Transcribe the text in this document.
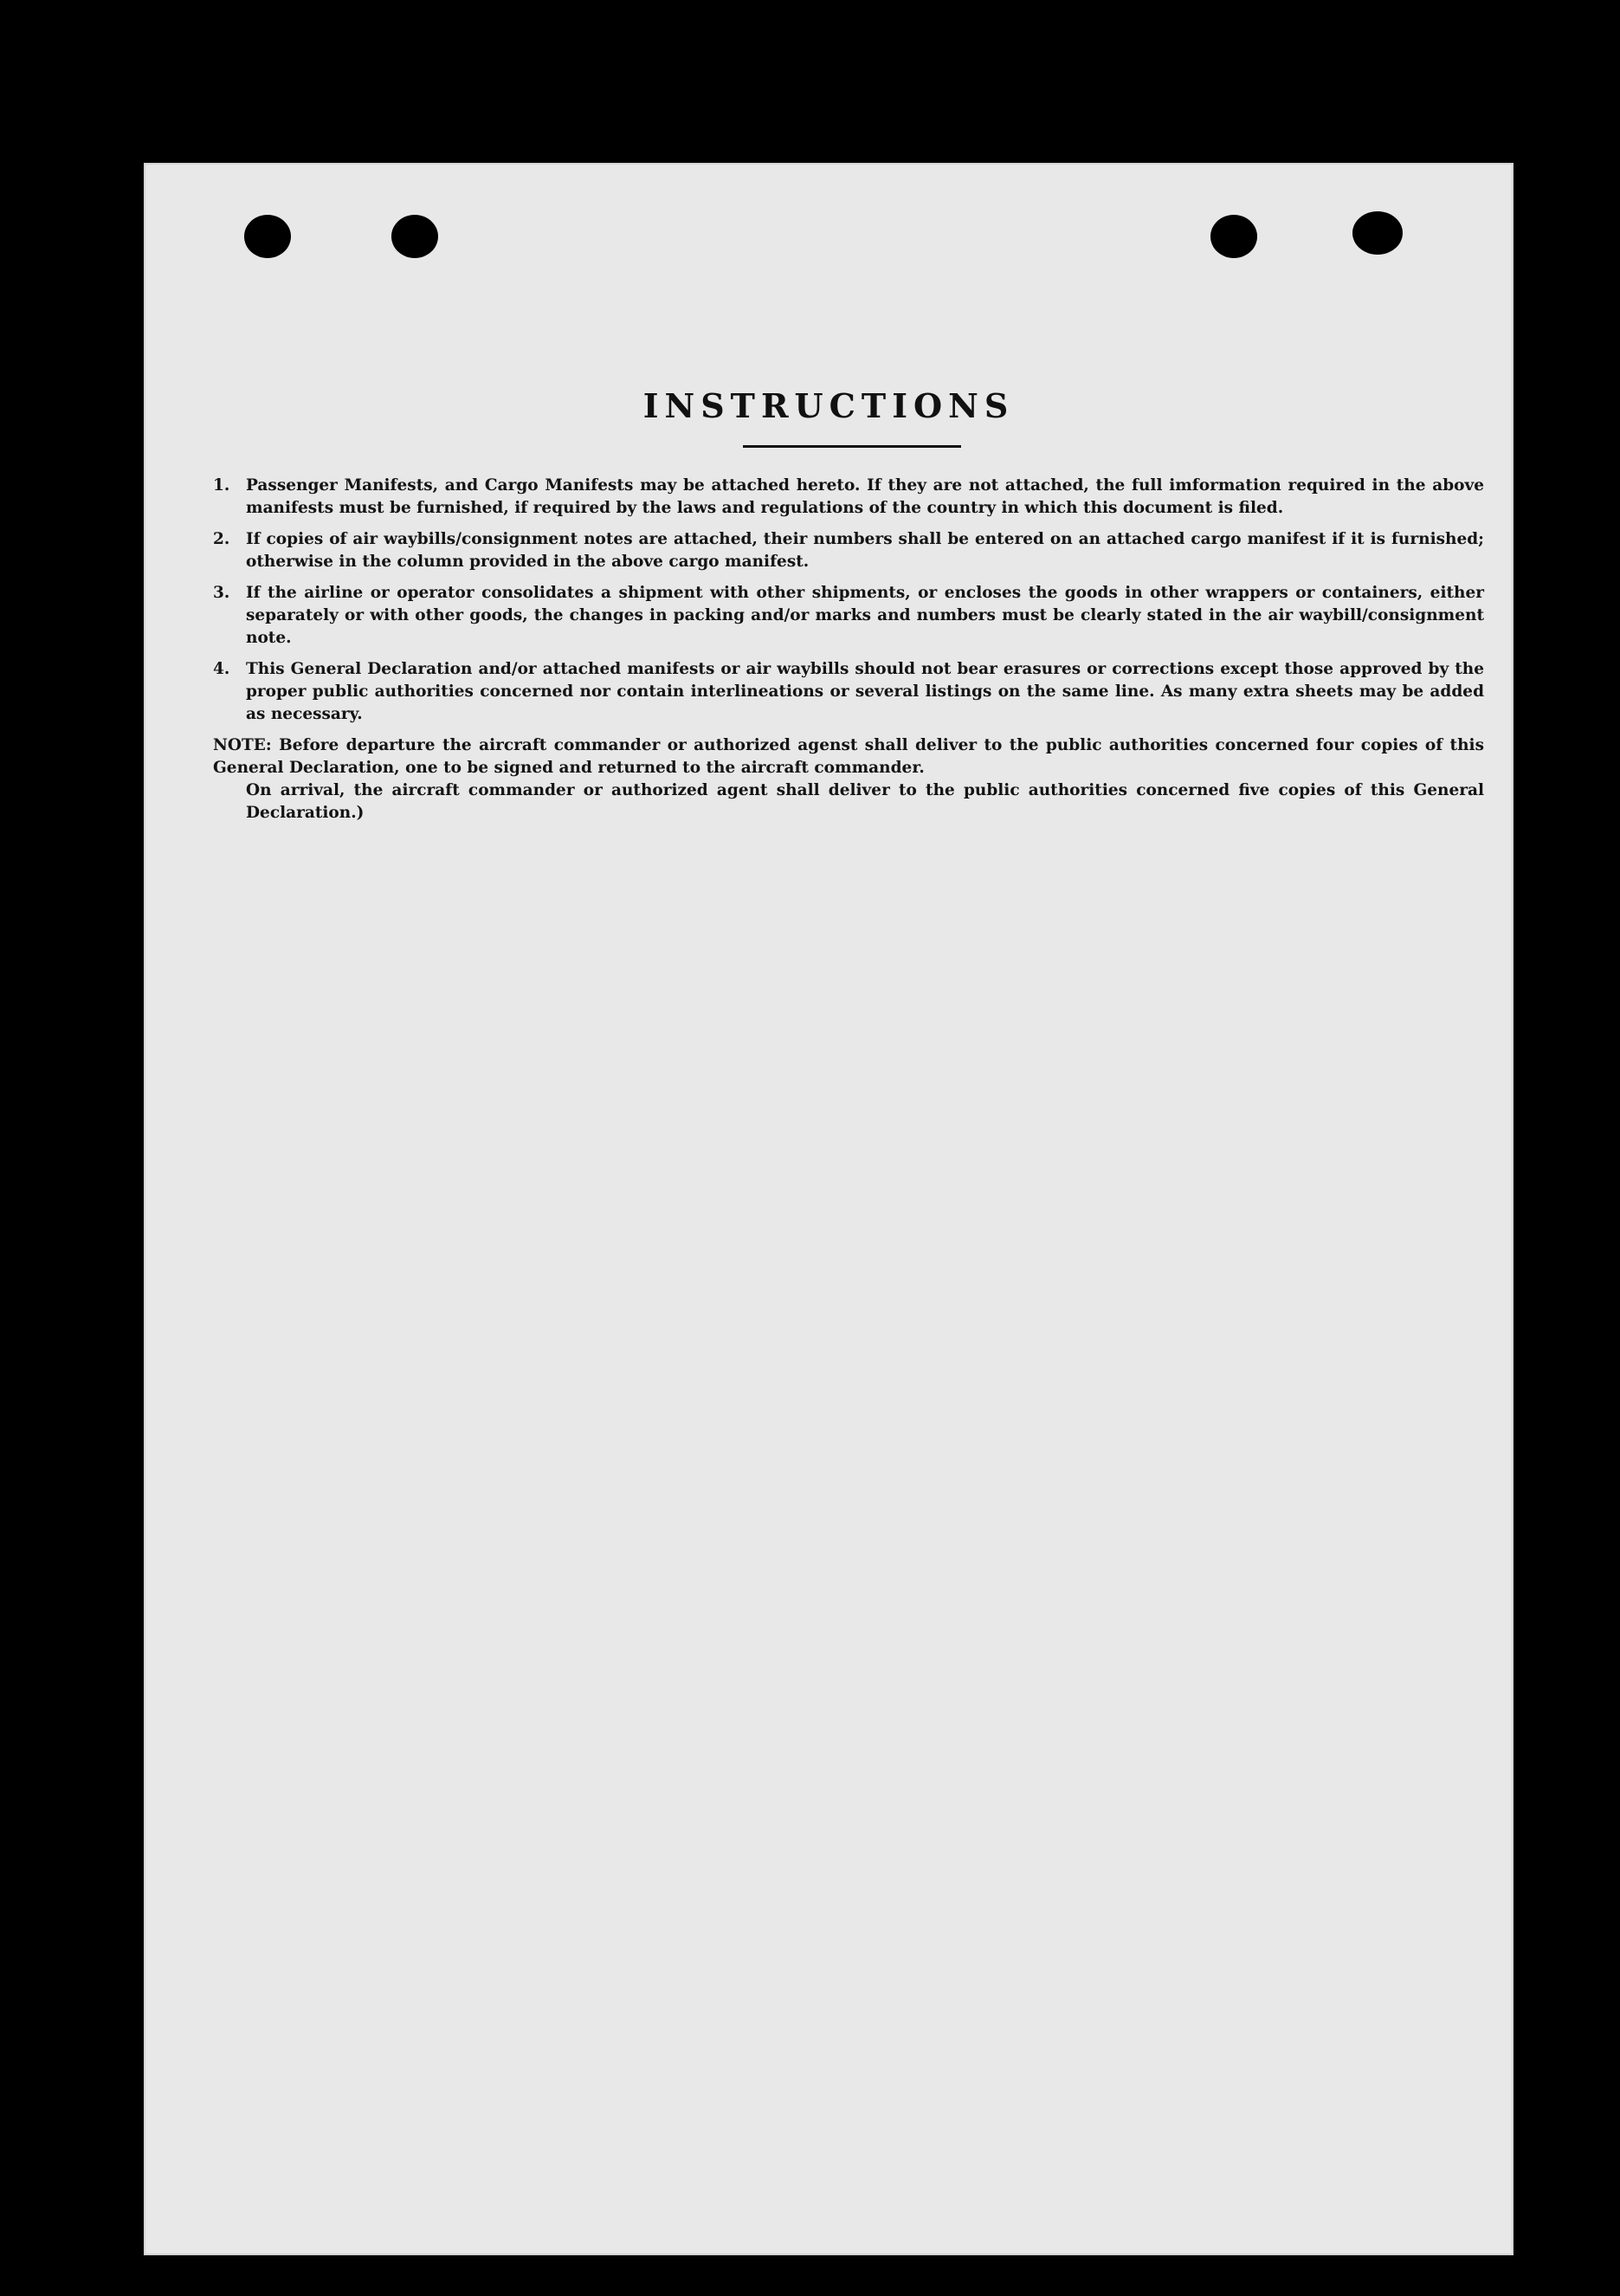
INSTRUCTIONS
1. Passenger Manifests, and Cargo Manifests may be attached hereto. If they are not attached, the full imformation required in the above manifests must be furnished, if required by the laws and regulations of the country in which this document is filed.
2. If copies of air waybills/consignment notes are attached, their numbers shall be entered on an attached cargo manifest if it is furnished; otherwise in the column provided in the above cargo manifest.
3. If the airline or operator consolidates a shipment with other shipments, or encloses the goods in other wrappers or containers, either separately or with other goods, the changes in packing and/or marks and numbers must be clearly stated in the air waybill/consignment note.
4. This General Declaration and/or attached manifests or air waybills should not bear erasures or corrections except those approved by the proper public authorities concerned nor contain interlineations or several listings on the same line. As many extra sheets may be added as necessary.

NOTE: Before departure the aircraft commander or authorized agenst shall deliver to the public authorities concerned four copies of this General Declaration, one to be signed and returned to the aircraft commander.

On arrival, the aircraft commander or authorized agent shall deliver to the public authorities concerned five copies of this General Declaration.)
